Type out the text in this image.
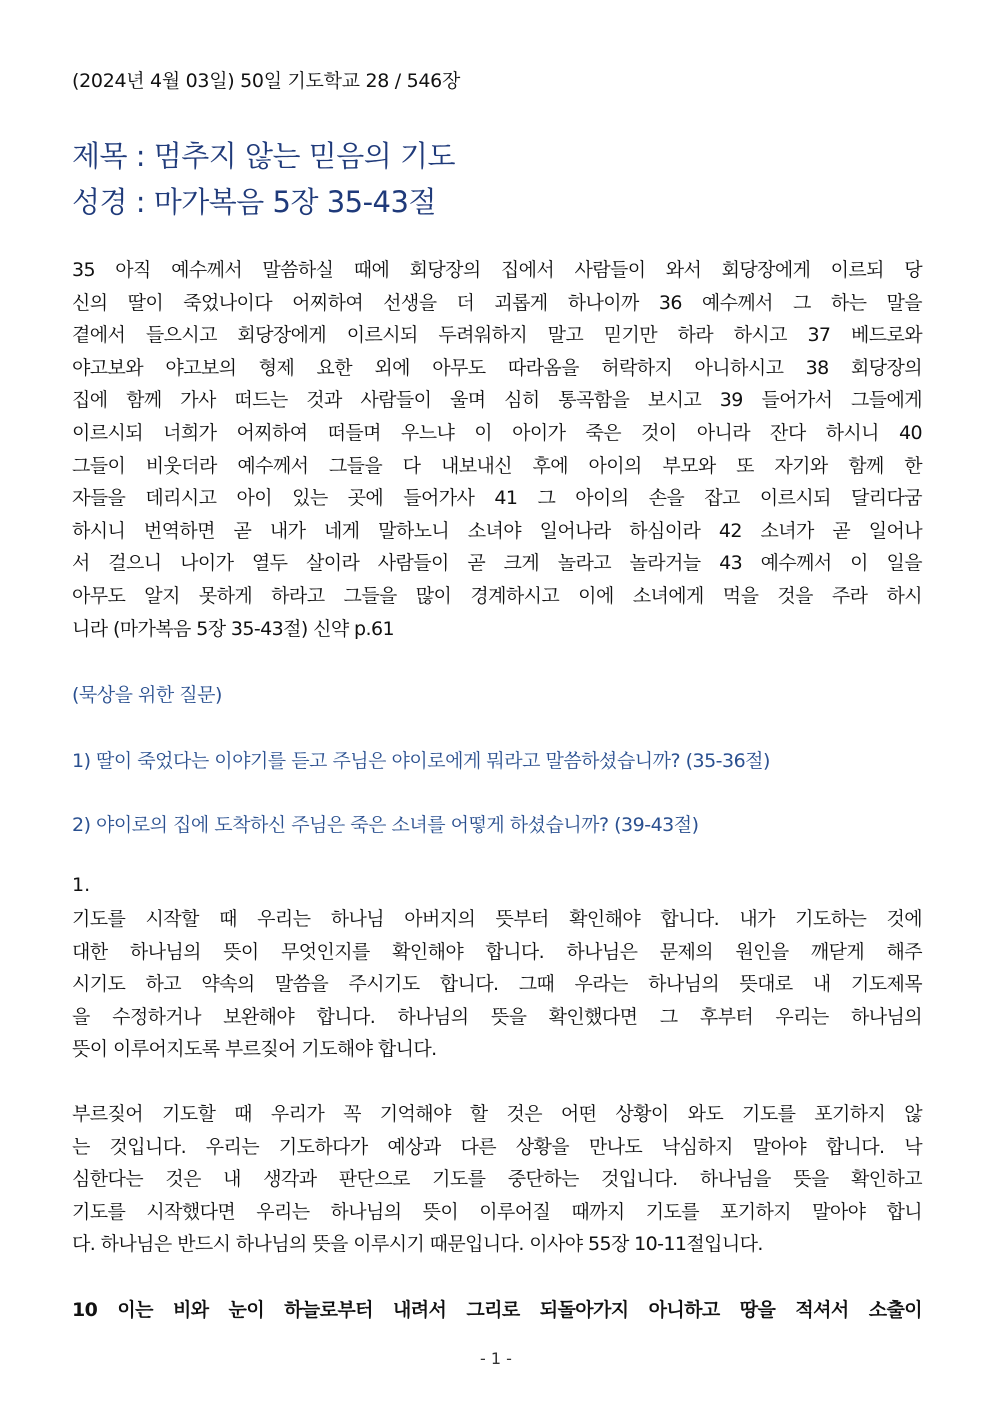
(2024년 4월 03일) 50일 기도학교 28 / 546장
제목 : 멈추지 않는 믿음의 기도
성경 : 마가복음 5장 35-43절
35 아직 예수께서 말씀하실 때에 회당장의 집에서 사람들이 와서 회당장에게 이르되 당
신의 딸이 죽었나이다 어찌하여 선생을 더 괴롭게 하나이까 36 예수께서 그 하는 말을
곁에서 들으시고 회당장에게 이르시되 두려워하지 말고 믿기만 하라 하시고 37 베드로와
야고보와 야고보의 형제 요한 외에 아무도 따라옴을 허락하지 아니하시고 38 회당장의
집에 함께 가사 떠드는 것과 사람들이 울며 심히 통곡함을 보시고 39 들어가서 그들에게
이르시되 너희가 어찌하여 떠들며 우느냐 이 아이가 죽은 것이 아니라 잔다 하시니 40
그들이 비웃더라 예수께서 그들을 다 내보내신 후에 아이의 부모와 또 자기와 함께 한
자들을 데리시고 아이 있는 곳에 들어가사 41 그 아이의 손을 잡고 이르시되 달리다굼
하시니 번역하면 곧 내가 네게 말하노니 소녀야 일어나라 하심이라 42 소녀가 곧 일어나
서 걸으니 나이가 열두 살이라 사람들이 곧 크게 놀라고 놀라거늘 43 예수께서 이 일을
아무도 알지 못하게 하라고 그들을 많이 경계하시고 이에 소녀에게 먹을 것을 주라 하시
니라 (마가복음 5장 35-43절) 신약 p.61
(묵상을 위한 질문)
1) 딸이 죽었다는 이야기를 듣고 주님은 야이로에게 뭐라고 말씀하셨습니까? (35-36절)
2) 야이로의 집에 도착하신 주님은 죽은 소녀를 어떻게 하셨습니까? (39-43절)
1.
기도를 시작할 때 우리는 하나님 아버지의 뜻부터 확인해야 합니다. 내가 기도하는 것에
대한 하나님의 뜻이 무엇인지를 확인해야 합니다. 하나님은 문제의 원인을 깨닫게 해주
시기도 하고 약속의 말씀을 주시기도 합니다. 그때 우라는 하나님의 뜻대로 내 기도제목
을 수정하거나 보완해야 합니다. 하나님의 뜻을 확인했다면 그 후부터 우리는 하나님의
뜻이 이루어지도록 부르짖어 기도해야 합니다.
부르짖어 기도할 때 우리가 꼭 기억해야 할 것은 어떤 상황이 와도 기도를 포기하지 않
는 것입니다. 우리는 기도하다가 예상과 다른 상황을 만나도 낙심하지 말아야 합니다. 낙
심한다는 것은 내 생각과 판단으로 기도를 중단하는 것입니다. 하나님을 뜻을 확인하고
기도를 시작했다면 우리는 하나님의 뜻이 이루어질 때까지 기도를 포기하지 말아야 합니
다. 하나님은 반드시 하나님의 뜻을 이루시기 때문입니다. 이사야 55장 10-11절입니다.
10 이는 비와 눈이 하늘로부터 내려서 그리로 되돌아가지 아니하고 땅을 적셔서 소출이
- 1 -
